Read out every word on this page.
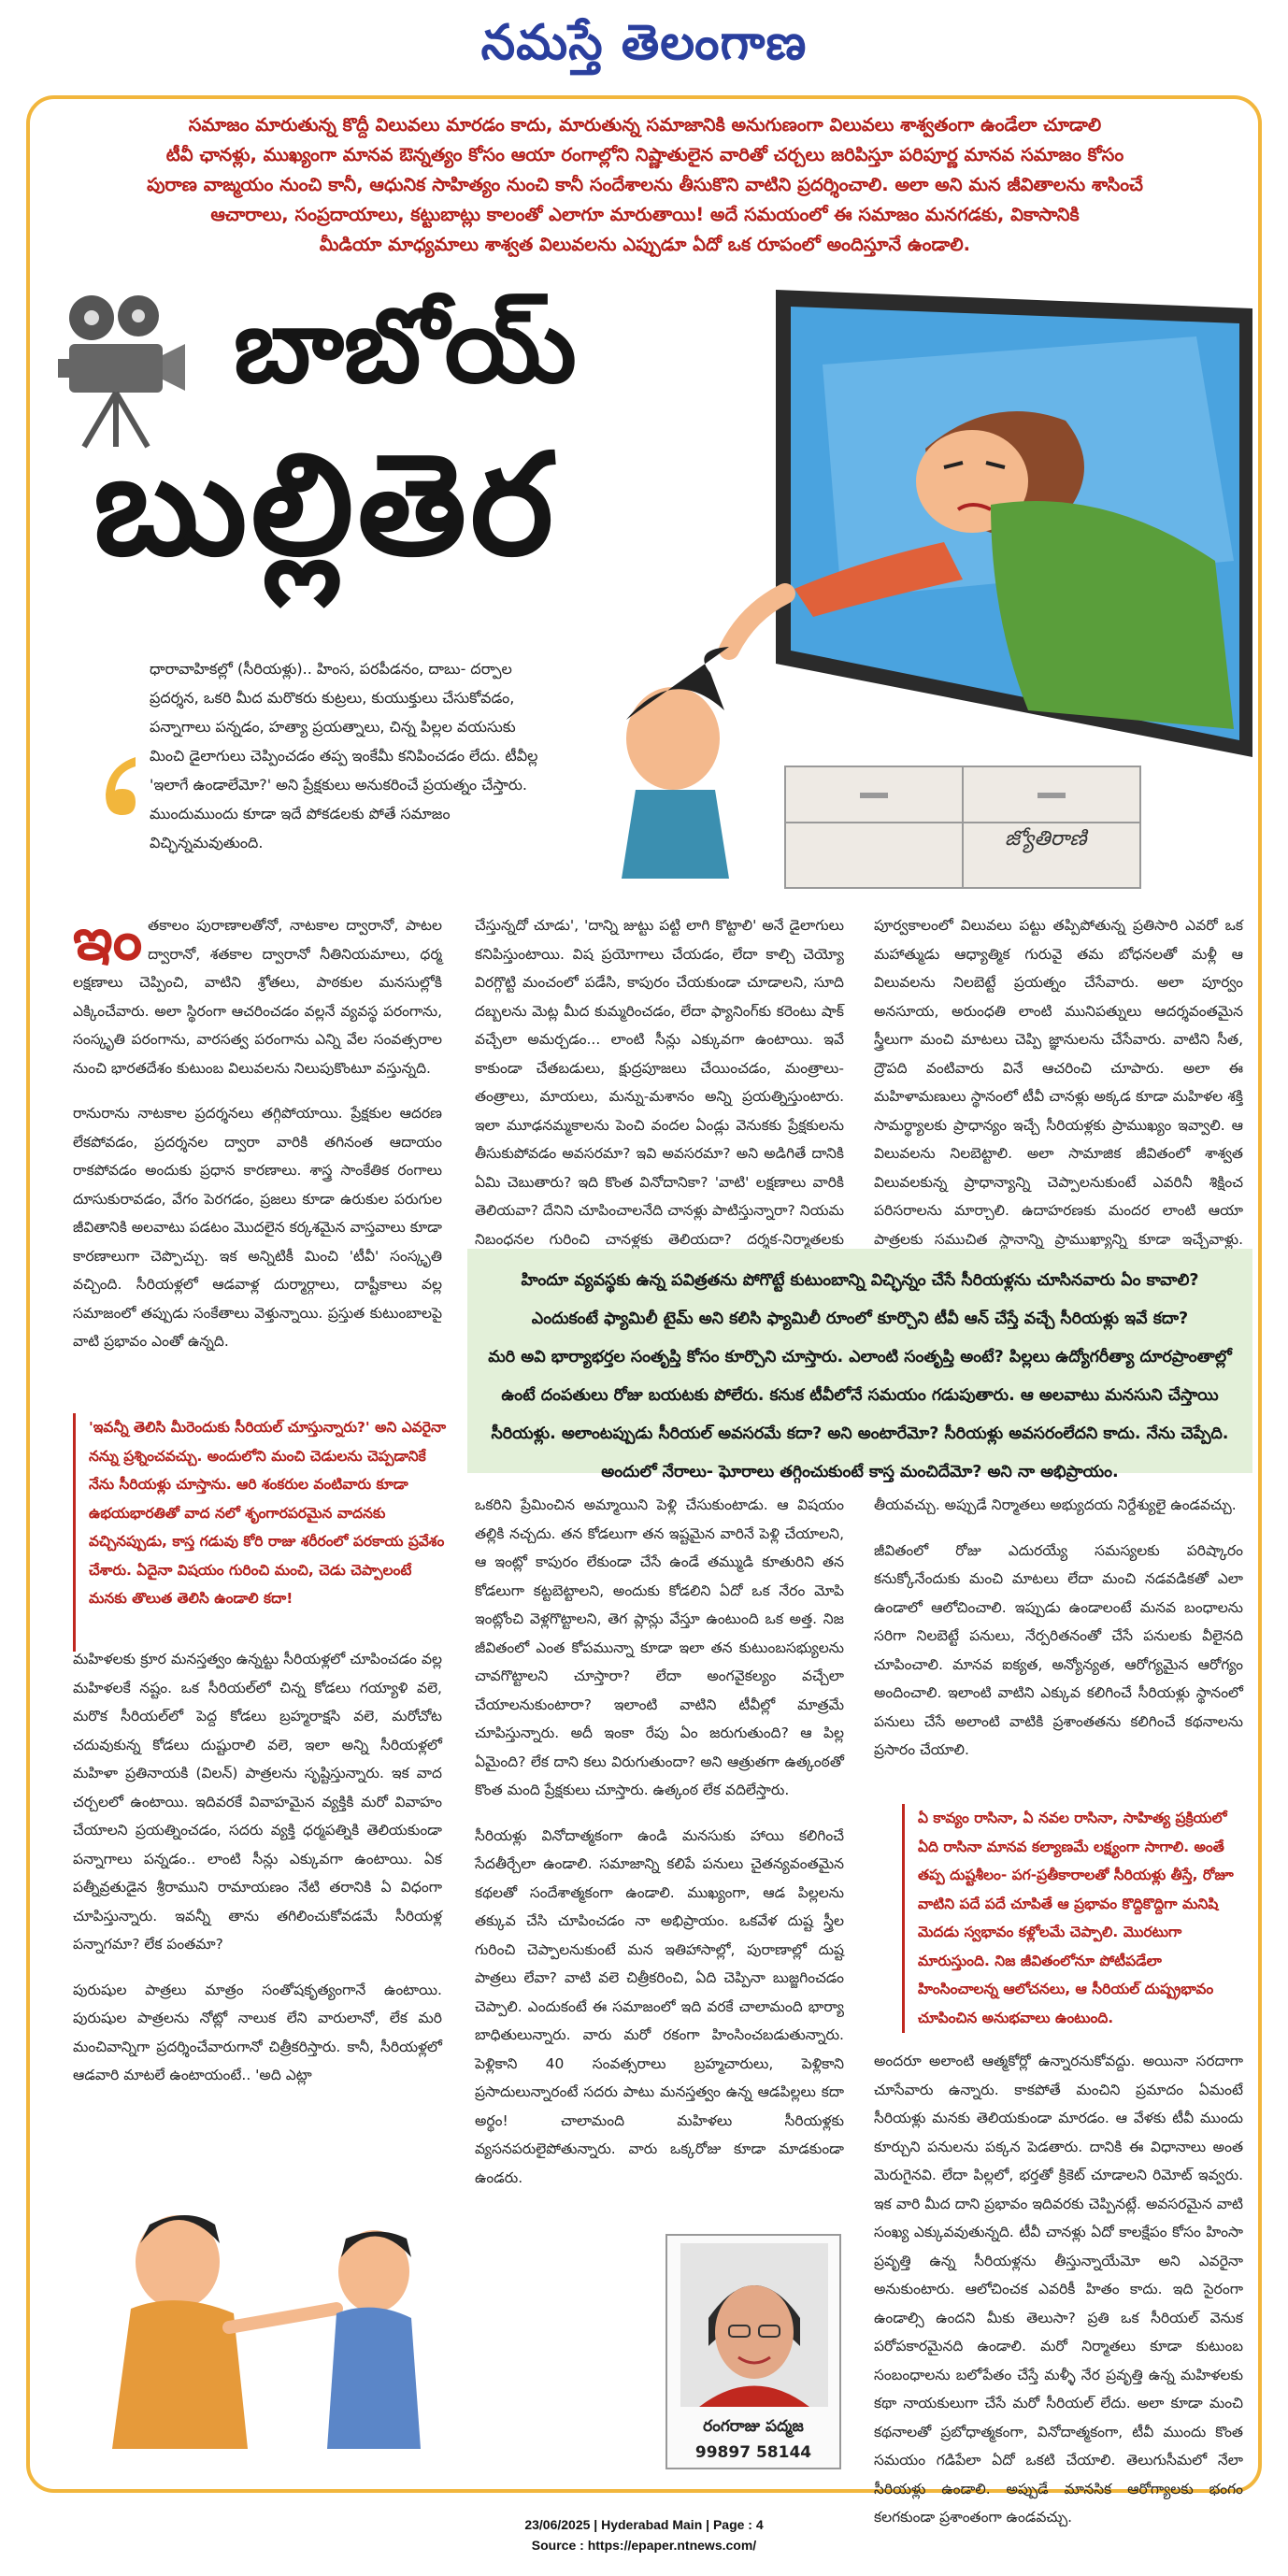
నమస్తే తెలంగాణ

సమాజం మారుతున్న కొద్దీ విలువలు మారడం కాదు, మారుతున్న సమాజానికి అనుగుణంగా విలువలు శాశ్వతంగా ఉండేలా చూడాలి

టీవీ ఛానళ్లు, ముఖ్యంగా మానవ ఔన్నత్యం కోసం ఆయా రంగాల్లోని నిష్ణాతులైన వారితో చర్చలు జరిపిస్తూ పరిపూర్ణ మానవ సమాజం కోసం

పురాణ వాఙ్మయం నుంచి కానీ, ఆధునిక సాహిత్యం నుంచి కానీ సందేశాలను తీసుకొని వాటిని ప్రదర్శించాలి. అలా అని మన జీవితాలను శాసించే

ఆచారాలు, సంప్రదాయాలు, కట్టుబాట్లు కాలంతో ఎలాగూ మారుతాయి! అదే సమయంలో ఈ సమాజం మనగడకు, వికాసానికి

మీడియా మాధ్యమాలు శాశ్వత విలువలను ఎప్పుడూ ఏదో ఒక రూపంలో అందిస్తూనే ఉండాలి.

బాబోయ్
బుల్లితెర
ధారావాహికల్లో (సీరియళ్లు).. హింస, పరపీడనం, దాబు- దర్పాల ప్రదర్శన, ఒకరి మీద మరొకరు కుట్రలు, కుయుక్తులు చేసుకోవడం, పన్నాగాలు పన్నడం, హత్యా ప్రయత్నాలు, చిన్న పిల్లల వయసుకు మించి డైలాగులు చెప్పించడం తప్ప ఇంకేమీ కనిపించడం లేదు. టీవీల్ల 'ఇలాగే ఉండాలేమో?' అని ప్రేక్షకులు అనుకరించే ప్రయత్నం చేస్తారు. ముందుముందు కూడా ఇదే పోకడలకు పోతే సమాజం విచ్ఛిన్నమవుతుంది.	జ్యోతిరాణి

ఇంతకాలం పురాణాలతోనో, నాటకాల ద్వారానో, పాటల ద్వారానో, శతకాల ద్వారానో నీతినియమాలు, ధర్మ లక్షణాలు చెప్పించి, వాటిని శ్రోతలు, పాఠకుల మనసుల్లోకి ఎక్కించేవారు. అలా స్థిరంగా ఆచరించడం వల్లనే వ్యవస్థ పరంగాను, సంస్కృతి పరంగాను, వారసత్వ పరంగాను ఎన్ని వేల సంవత్సరాల నుంచి భారతదేశం కుటుంబ విలువలను నిలుపుకొంటూ వస్తున్నది.

రానురాను నాటకాల ప్రదర్శనలు తగ్గిపోయాయి. ప్రేక్షకుల ఆదరణ లేకపోవడం, ప్రదర్శనల ద్వారా వారికి తగినంత ఆదాయం రాకపోవడం అందుకు ప్రధాన కారణాలు. శాస్త్ర సాంకేతిక రంగాలు దూసుకురావడం, వేగం పెరగడం, ప్రజలు కూడా ఉరుకుల పరుగుల జీవితానికి అలవాటు పడటం మొదలైన కర్కశమైన వాస్తవాలు కూడా కారణాలుగా చెప్పొచ్చు. ఇక అన్నిటికీ మించి 'టీవీ' సంస్కృతి వచ్చింది. సీరియళ్లలో ఆడవాళ్ల దుర్మార్గాలు, దాష్టీకాలు వల్ల సమాజంలో తప్పుడు సంకేతాలు వెళ్తున్నాయి. ప్రస్తుత కుటుంబాలపై వాటి ప్రభావం ఎంతో ఉన్నది.

చేస్తున్నదో చూడు', 'దాన్ని జుట్టు పట్టి లాగి కొట్టాలి' అనే డైలాగులు కనిపిస్తుంటాయి. విష ప్రయోగాలు చేయడం, లేదా కాల్చి చెయ్యో విరగ్గొట్టి మంచంలో పడేసి, కాపురం చేయకుండా చూడాలని, సూది దబ్బలను మెట్ల మీద కుమ్మరించడం, లేదా ఫ్యానింగ్‌కు కరెంటు షాక్ వచ్చేలా అమర్చడం... లాంటి సీన్లు ఎక్కువగా ఉంటాయి. ఇవే కాకుండా చేతబడులు, క్షుద్రపూజలు చేయించడం, మంత్రాలు-తంత్రాలు, మాయలు, మన్ను-మశానం అన్ని ప్రయత్నిస్తుంటారు. ఇలా మూఢనమ్మకాలను పెంచి వందల ఏండ్లు వెనుకకు ప్రేక్షకులను తీసుకుపోవడం అవసరమా? ఇవి అవసరమా? అని అడిగితే దానికి ఏమి చెబుతారు? ఇది కొంత వినోదానికా? 'వాటి' లక్షణాలు వారికి తెలియవా? దేనిని చూపించాలనేది చానళ్లు పాటిస్తున్నారా? నియమ నిబంధనల గురించి చానళ్లకు తెలియదా? దర్శక-నిర్మాతలకు

పూర్వకాలంలో విలువలు పట్టు తప్పిపోతున్న ప్రతిసారి ఎవరో ఒక మహాత్ముడు ఆధ్యాత్మిక గురువై తమ బోధనలతో మళ్లీ ఆ విలువలను నిలబెట్టే ప్రయత్నం చేసేవారు. అలా పూర్వం అనసూయ, అరుంధతి లాంటి మునిపత్నులు ఆదర్శవంతమైన స్త్రీలుగా మంచి మాటలు చెప్పి జ్ఞానులను చేసేవారు. వాటిని సీత, ద్రౌపది వంటివారు వినే ఆచరించి చూపారు. అలా ఈ మహిళామణులు స్థానంలో టీవీ చానళ్లు అక్కడ కూడా మహిళల శక్తి సామర్థ్యాలకు ప్రాధాన్యం ఇచ్చే సీరియళ్లకు ప్రాముఖ్యం ఇవ్వాలి. ఆ విలువలను నిలబెట్టాలి. అలా సామాజిక జీవితంలో శాశ్వత విలువలకున్న ప్రాధాన్యాన్ని చెప్పాలనుకుంటే ఎవరినీ శిక్షించ పరిసరాలను మార్చాలి. ఉదాహరణకు మందర లాంటి ఆయా పాత్రలకు సముచిత స్థానాన్ని ప్రాముఖ్యాన్ని కూడా ఇచ్చేవాళ్లు.

హిందూ వ్యవస్థకు ఉన్న పవిత్రతను పోగొట్టే కుటుంబాన్ని విచ్ఛిన్నం చేసే సీరియళ్లను చూసినవారు ఏం కావాలి?

ఎందుకంటే ఫ్యామిలీ టైమ్ అని కలిసి ఫ్యామిలీ రూంలో కూర్చొని టీవీ ఆన్ చేస్తే వచ్చే సీరియళ్లు ఇవే కదా?

మరి అవి భార్యాభర్తల సంతృప్తి కోసం కూర్చొని చూస్తారు. ఎలాంటి సంతృప్తి అంటే? పిల్లలు ఉద్యోగరీత్యా దూరప్రాంతాల్లో

ఉంటే దంపతులు రోజు బయటకు పోలేరు. కనుక టీవీలోనే సమయం గడుపుతారు. ఆ అలవాటు మనసుని చేస్తాయి

సీరియళ్లు. అలాంటప్పుడు సీరియల్ అవసరమే కదా? అని అంటారేమో? సీరియళ్లు అవసరంలేదని కాదు. నేను చెప్పేది.

అందులో నేరాలు- ఘోరాలు తగ్గించుకుంటే కాస్త మంచిదేమో? అని నా అభిప్రాయం.

'ఇవన్నీ తెలిసి మీరెందుకు సీరియల్ చూస్తున్నారు?' అని ఎవరైనా నన్ను ప్రశ్నించవచ్చు. అందులోని మంచి చెడులను చెప్పడానికే నేను సీరియళ్లు చూస్తాను. ఆరి శంకరుల వంటివారు కూడా ఉభయభారతితో వాద నలో శృంగారపరమైన వాదనకు వచ్చినప్పుడు, కాస్త గడువు కోరి రాజు శరీరంలో పరకాయ ప్రవేశం చేశారు. ఏదైనా విషయం గురించి మంచి, చెడు చెప్పాలంటే మనకు తొలుత తెలిసి ఉండాలి కదా!

మహిళలకు క్రూర మనస్తత్వం ఉన్నట్టు సీరియళ్లలో చూపించడం వల్ల మహిళలకే నష్టం. ఒక సీరియల్‌లో చిన్న కోడలు గయ్యాళి వలె, మరొక సీరియల్‌లో పెద్ద కోడలు బ్రహ్మరాక్షసి వలె, మరోచోట చదువుకున్న కోడలు దుష్టురాలి వలె, ఇలా అన్ని సీరియళ్లలో మహిళా ప్రతినాయకి (విలన్) పాత్రలను సృష్టిస్తున్నారు. ఇక వాద చర్చలలో ఉంటాయి. ఇదివరకే వివాహమైన వ్యక్తికి మరో వివాహం చేయాలని ప్రయత్నించడం, సదరు వ్యక్తి ధర్మపత్నికి తెలియకుండా పన్నాగాలు పన్నడం.. లాంటి సీన్లు ఎక్కువగా ఉంటాయి. ఏక పత్నీవ్రతుడైన శ్రీరాముని రామాయణం నేటి తరానికి ఏ విధంగా చూపిస్తున్నారు. ఇవన్నీ తాను తగిలించుకోవడమే సీరియళ్ల పన్నాగమా? లేక పంతమా?

పురుషుల పాత్రలు మాత్రం సంతోషకృత్యంగానే ఉంటాయి. పురుషుల పాత్రలను నోట్లో నాలుక లేని వారులానో, లేక మరి మంచివాన్నిగా ప్రదర్శించేవారుగానో చిత్రీకరిస్తారు. కానీ, సీరియళ్లలో ఆడవారి మాటలే ఉంటాయంటే.. 'అది ఎట్లా

ఒకరిని ప్రేమించిన అమ్మాయిని పెళ్లి చేసుకుంటాడు. ఆ విషయం తల్లికి నచ్చదు. తన కోడలుగా తన ఇష్టమైన వారినే పెళ్లి చేయాలని, ఆ ఇంట్లో కాపురం లేకుండా చేసే ఉండే తమ్ముడి కూతురిని తన కోడలుగా కట్టబెట్టాలని, అందుకు కోడలిని ఏదో ఒక నేరం మోపి ఇంట్లోంచి వెళ్లగొట్టాలని, తెగ ప్లాన్లు వేస్తూ ఉంటుంది ఒక అత్త. నిజ జీవితంలో ఎంత కోపమున్నా కూడా ఇలా తన కుటుంబసభ్యులను చావగొట్టాలని చూస్తారా? లేదా అంగవైకల్యం వచ్చేలా చేయాలనుకుంటారా? ఇలాంటి వాటిని టీవీల్లో మాత్రమే చూపిస్తున్నారు. అదీ ఇంకా రేపు ఏం జరుగుతుంది? ఆ పిల్ల ఏమైంది? లేక దాని కలు విరుగుతుందా? అని ఆత్రుతగా ఉత్కంఠతో కొంత మంది ప్రేక్షకులు చూస్తారు. ఉత్కంఠ లేక వదిలేస్తారు.

సీరియళ్లు వినోదాత్మకంగా ఉండి మనసుకు హాయి కలిగించే సేదతీర్చేలా ఉండాలి. సమాజాన్ని కలిపే పనులు చైతన్యవంతమైన కథలతో సందేశాత్మకంగా ఉండాలి. ముఖ్యంగా, ఆడ పిల్లలను తక్కువ చేసి చూపించడం నా అభిప్రాయం. ఒకవేళ దుష్ట స్త్రీల గురించి చెప్పాలనుకుంటే మన ఇతిహాసాల్లో, పురాణాల్లో దుష్ట పాత్రలు లేవా? వాటి వలె చిత్రీకరించి, ఏది చెప్పినా బుజ్జగించడం చెప్పాలి. ఎందుకంటే ఈ సమాజంలో ఇది వరకే చాలామంది భార్యా బాధితులున్నారు. వారు మరో రకంగా హింసించబడుతున్నారు. పెళ్లికాని 40 సంవత్సరాలు బ్రహ్మచారులు, పెళ్లికాని ప్రసాదులున్నారంటే సదరు పాటు మనస్తత్వం ఉన్న ఆడపిల్లలు కదా అర్థం! చాలామంది మహిళలు సీరియళ్లకు వ్యసనపరులైపోతున్నారు. వారు ఒక్కరోజు కూడా మాడకుండా ఉండరు.

తీయవచ్చు. అప్పుడే నిర్మాతలు అభ్యుదయ నిర్దేశ్యులై ఉండవచ్చు.

జీవితంలో రోజు ఎదురయ్యే సమస్యలకు పరిష్కారం కనుక్కోనేందుకు మంచి మాటలు లేదా మంచి నడవడికతో ఎలా ఉండాలో ఆలోచించాలి. ఇప్పుడు ఉండాలంటే మనవ బంధాలను సరిగా నిలబెట్టే పనులు, నేర్పరితనంతో చేసే పనులకు వీలైనది చూపించాలి. మానవ ఐక్యత, అన్యోన్యత, ఆరోగ్యమైన ఆరోగ్యం అందించాలి. ఇలాంటి వాటిని ఎక్కువ కలిగించే సీరియళ్లు స్థానంలో పనులు చేసే అలాంటి వాటికి ప్రశాంతతను కలిగించే కథనాలను ప్రసారం చేయాలి.

ఏ కావ్యం రాసినా, ఏ నవల రాసినా, సాహిత్య ప్రక్రియలో ఏది రాసినా మానవ కల్యాణమే లక్ష్యంగా సాగాలి. అంతే తప్ప దుష్టశీలం- పగ-ప్రతీకారాలతో సీరియళ్లు తీస్తే, రోజూ వాటిని పదే పదే చూపితే ఆ ప్రభావం కొద్దికొద్దిగా మనిషి మెదడు స్వభావం కళ్లోలమే చెప్పాలి. మొరటుగా మారుస్తుంది. నిజ జీవితంలోనూ పోటీపడేలా హింసించాలన్న ఆలోచనలు, ఆ సీరియల్ దుష్ప్రభావం చూపించిన అనుభవాలు ఉంటుంది.

అందరూ అలాంటి ఆత్మకోర్లో ఉన్నారనుకోవద్దు. అయినా సరదాగా చూసేవారు ఉన్నారు. కాకపోతే మంచిని ప్రమాదం ఏమంటే సీరియళ్లు మనకు తెలియకుండా మారడం. ఆ వేళకు టీవీ ముందు కూర్చుని పనులను పక్కన పెడతారు. దానికి ఈ విధానాలు అంత మెరుగైనవి. లేదా పిల్లలో, భర్తతో క్రికెట్ చూడాలని రిమోట్ ఇవ్వరు. ఇక వారి మీద దాని ప్రభావం ఇదివరకు చెప్పినట్లే. అవసరమైన వాటి సంఖ్య ఎక్కువవుతున్నది. టీవీ చానళ్లు ఏదో కాలక్షేపం కోసం హింసా ప్రవృత్తి ఉన్న సీరియళ్లను తీస్తున్నాయేమో అని ఎవరైనా అనుకుంటారు. ఆలోచించక ఎవరికీ హితం కాదు. ఇది సైరంగా ఉండాల్సి ఉందని మీకు తెలుసా? ప్రతి ఒక సీరియల్ వెనుక పరోపకారమైనది ఉండాలి. మరో నిర్మాతలు కూడా కుటుంబ సంబంధాలను బలోపేతం చేస్తే మళ్ళీ నేర ప్రవృత్తి ఉన్న మహిళలకు కథా నాయకులుగా చేసే మరో సీరియల్ లేదు. అలా కూడా మంచి కథనాలతో ప్రబోధాత్మకంగా, వినోదాత్మకంగా, టీవీ ముందు కొంత సమయం గడిపేలా ఏదో ఒకటి చేయాలి. తెలుగుసీమలో నేలా సీరియళ్లు ఉండాలి. అప్పుడే మానసిక ఆరోగ్యాలకు భంగం కలగకుండా ప్రశాంతంగా ఉండవచ్చు.

రంగరాజు పద్మజ
99897 58144
23/06/2025 | Hyderabad Main | Page : 4
Source : https://epaper.ntnews.com/
